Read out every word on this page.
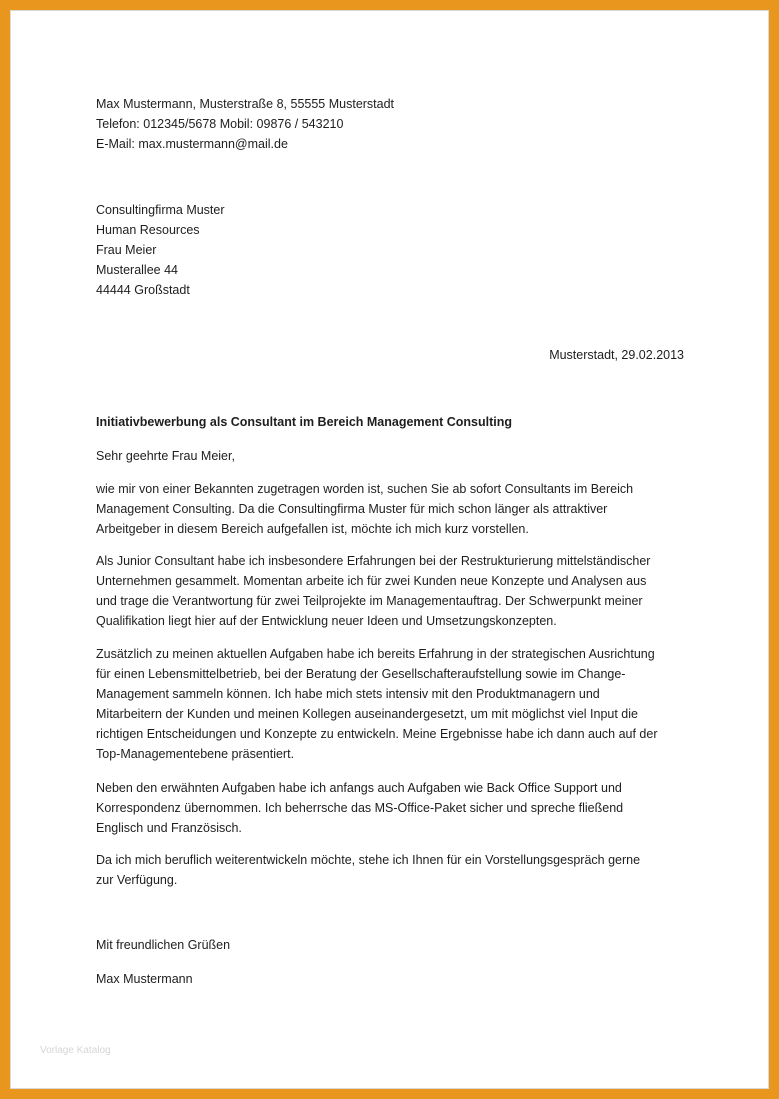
Max Mustermann, Musterstraße 8, 55555 Musterstadt
Telefon: 012345/5678 Mobil: 09876 / 543210
E-Mail: max.mustermann@mail.de
Consultingfirma Muster
Human Resources
Frau Meier
Musterallee 44
44444 Großstadt
Musterstadt, 29.02.2013
Initiativbewerbung als Consultant im Bereich Management Consulting
Sehr geehrte Frau Meier,
wie mir von einer Bekannten zugetragen worden ist, suchen Sie ab sofort Consultants im Bereich
Management Consulting. Da die Consultingfirma Muster für mich schon länger als attraktiver
Arbeitgeber in diesem Bereich aufgefallen ist, möchte ich mich kurz vorstellen.
Als Junior Consultant habe ich insbesondere Erfahrungen bei der Restrukturierung mittelständischer
Unternehmen gesammelt. Momentan arbeite ich für zwei Kunden neue Konzepte und Analysen aus
und trage die Verantwortung für zwei Teilprojekte im Managementauftrag. Der Schwerpunkt meiner
Qualifikation liegt hier auf der Entwicklung neuer Ideen und Umsetzungskonzepten.
Zusätzlich zu meinen aktuellen Aufgaben habe ich bereits Erfahrung in der strategischen Ausrichtung
für einen Lebensmittelbetrieb, bei der Beratung der Gesellschafteraufstellung sowie im Change-
Management sammeln können. Ich habe mich stets intensiv mit den Produktmanagern und
Mitarbeitern der Kunden und meinen Kollegen auseinandergesetzt, um mit möglichst viel Input die
richtigen Entscheidungen und Konzepte zu entwickeln. Meine Ergebnisse habe ich dann auch auf der
Top-Managementebene präsentiert.
Neben den erwähnten Aufgaben habe ich anfangs auch Aufgaben wie Back Office Support und
Korrespondenz übernommen. Ich beherrsche das MS-Office-Paket sicher und spreche fließend
Englisch und Französisch.
Da ich mich beruflich weiterentwickeln möchte, stehe ich Ihnen für ein Vorstellungsgespräch gerne
zur Verfügung.
Mit freundlichen Grüßen
Max Mustermann
Vorlage Katalog
